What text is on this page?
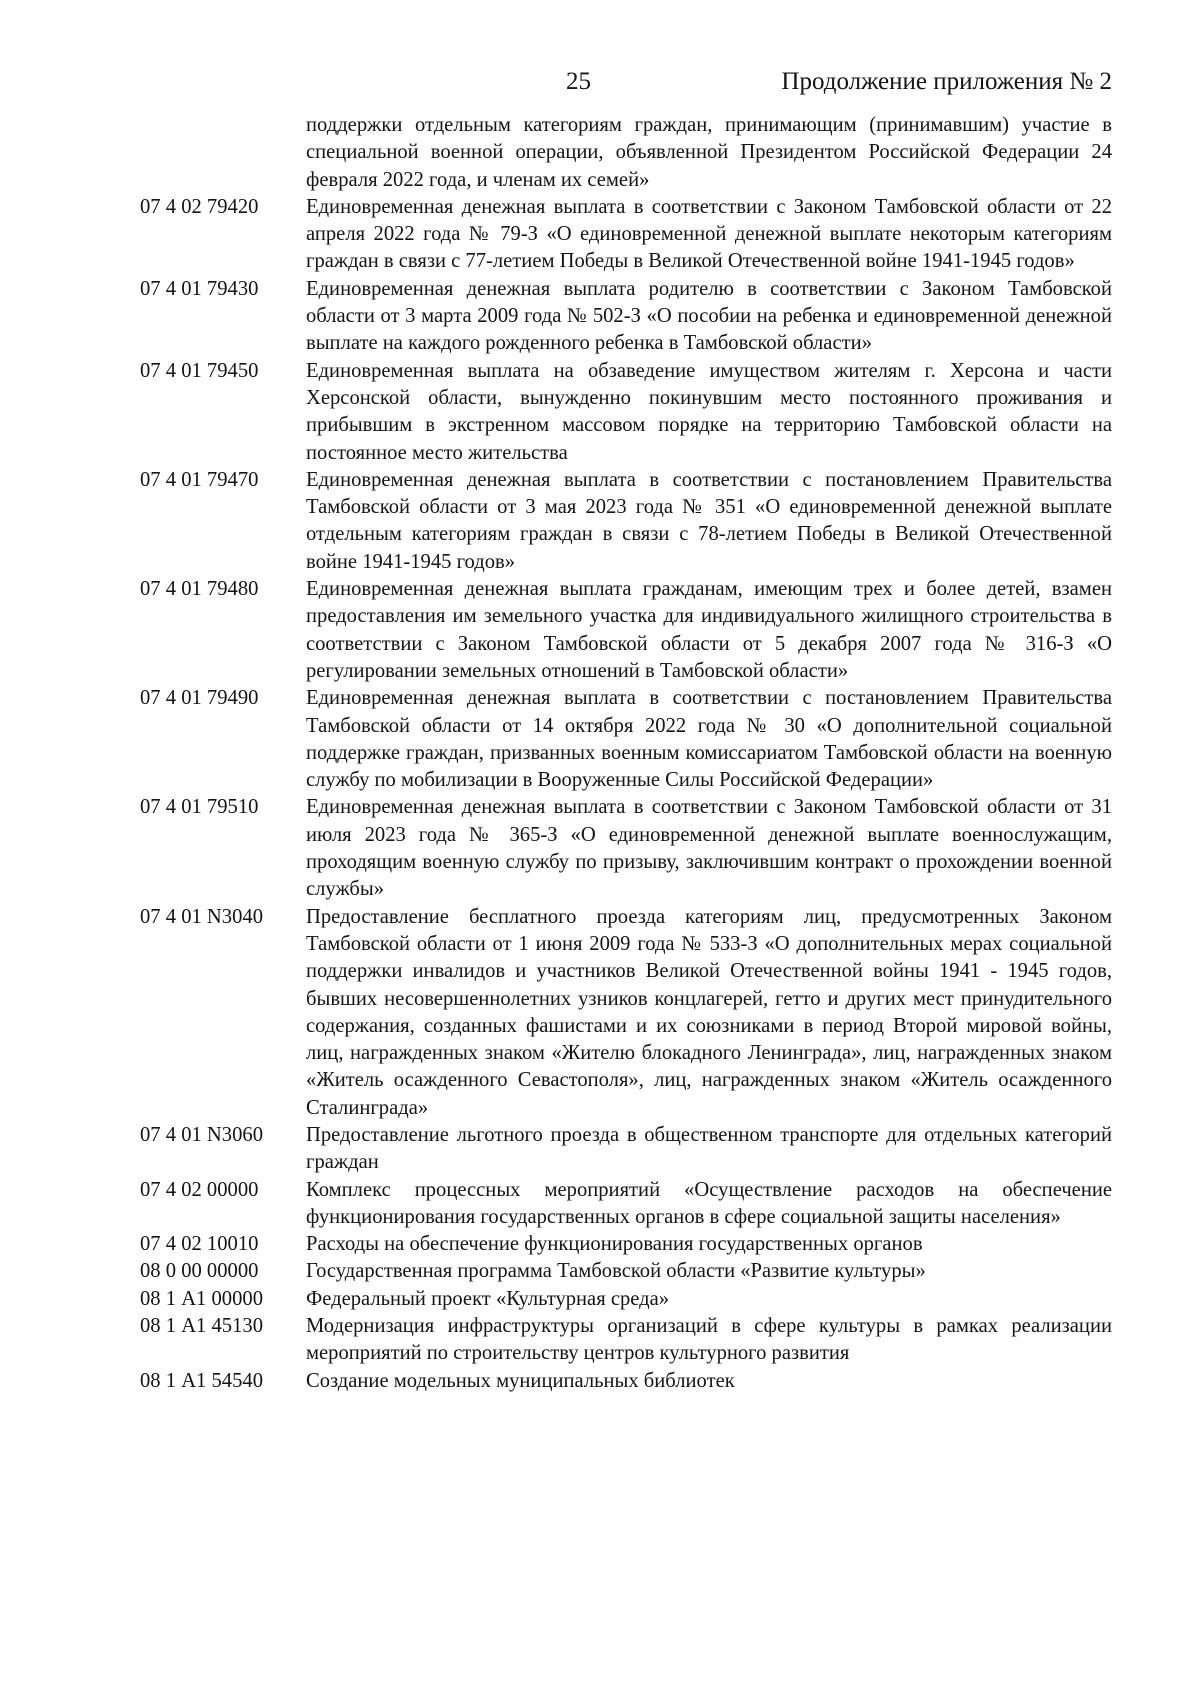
25	Продолжение приложения № 2
поддержки отдельным категориям граждан, принимающим (принимавшим) участие в специальной военной операции, объявленной Президентом Российской Федерации 24 февраля 2022 года, и членам их семей»
07 4 02 79420	Единовременная денежная выплата в соответствии с Законом Тамбовской области от 22 апреля 2022 года № 79-З «О единовременной денежной выплате некоторым категориям граждан в связи с 77-летием Победы в Великой Отечественной войне 1941-1945 годов»
07 4 01 79430	Единовременная денежная выплата родителю в соответствии с Законом Тамбовской области от 3 марта 2009 года № 502-З «О пособии на ребенка и единовременной денежной выплате на каждого рожденного ребенка в Тамбовской области»
07 4 01 79450	Единовременная выплата на обзаведение имуществом жителям г. Херсона и части Херсонской области, вынужденно покинувшим место постоянного проживания и прибывшим в экстренном массовом порядке на территорию Тамбовской области на постоянное место жительства
07 4 01 79470	Единовременная денежная выплата в соответствии с постановлением Правительства Тамбовской области от 3 мая 2023 года № 351 «О единовременной денежной выплате отдельным категориям граждан в связи с 78-летием Победы в Великой Отечественной войне 1941-1945 годов»
07 4 01 79480	Единовременная денежная выплата гражданам, имеющим трех и более детей, взамен предоставления им земельного участка для индивидуального жилищного строительства в соответствии с Законом Тамбовской области от 5 декабря 2007 года № 316-З «О регулировании земельных отношений в Тамбовской области»
07 4 01 79490	Единовременная денежная выплата в соответствии с постановлением Правительства Тамбовской области от 14 октября 2022 года № 30 «О дополнительной социальной поддержке граждан, призванных военным комиссариатом Тамбовской области на военную службу по мобилизации в Вооруженные Силы Российской Федерации»
07 4 01 79510	Единовременная денежная выплата в соответствии с Законом Тамбовской области от 31 июля 2023 года № 365-З «О единовременной денежной выплате военнослужащим, проходящим военную службу по призыву, заключившим контракт о прохождении военной службы»
07 4 01 N3040	Предоставление бесплатного проезда категориям лиц, предусмотренных Законом Тамбовской области от 1 июня 2009 года № 533-З «О дополнительных мерах социальной поддержки инвалидов и участников Великой Отечественной войны 1941 - 1945 годов, бывших несовершеннолетних узников концлагерей, гетто и других мест принудительного содержания, созданных фашистами и их союзниками в период Второй мировой войны, лиц, награжденных знаком «Жителю блокадного Ленинграда», лиц, награжденных знаком «Житель осажденного Севастополя», лиц, награжденных знаком «Житель осажденного Сталинграда»
07 4 01 N3060	Предоставление льготного проезда в общественном транспорте для отдельных категорий граждан
07 4 02 00000	Комплекс процессных мероприятий «Осуществление расходов на обеспечение функционирования государственных органов в сфере социальной защиты населения»
07 4 02 10010	Расходы на обеспечение функционирования государственных органов
08 0 00 00000	Государственная программа Тамбовской области «Развитие культуры»
08 1 А1 00000	Федеральный проект «Культурная среда»
08 1 А1 45130	Модернизация инфраструктуры организаций в сфере культуры в рамках реализации мероприятий по строительству центров культурного развития
08 1 А1 54540	Создание модельных муниципальных библиотек
